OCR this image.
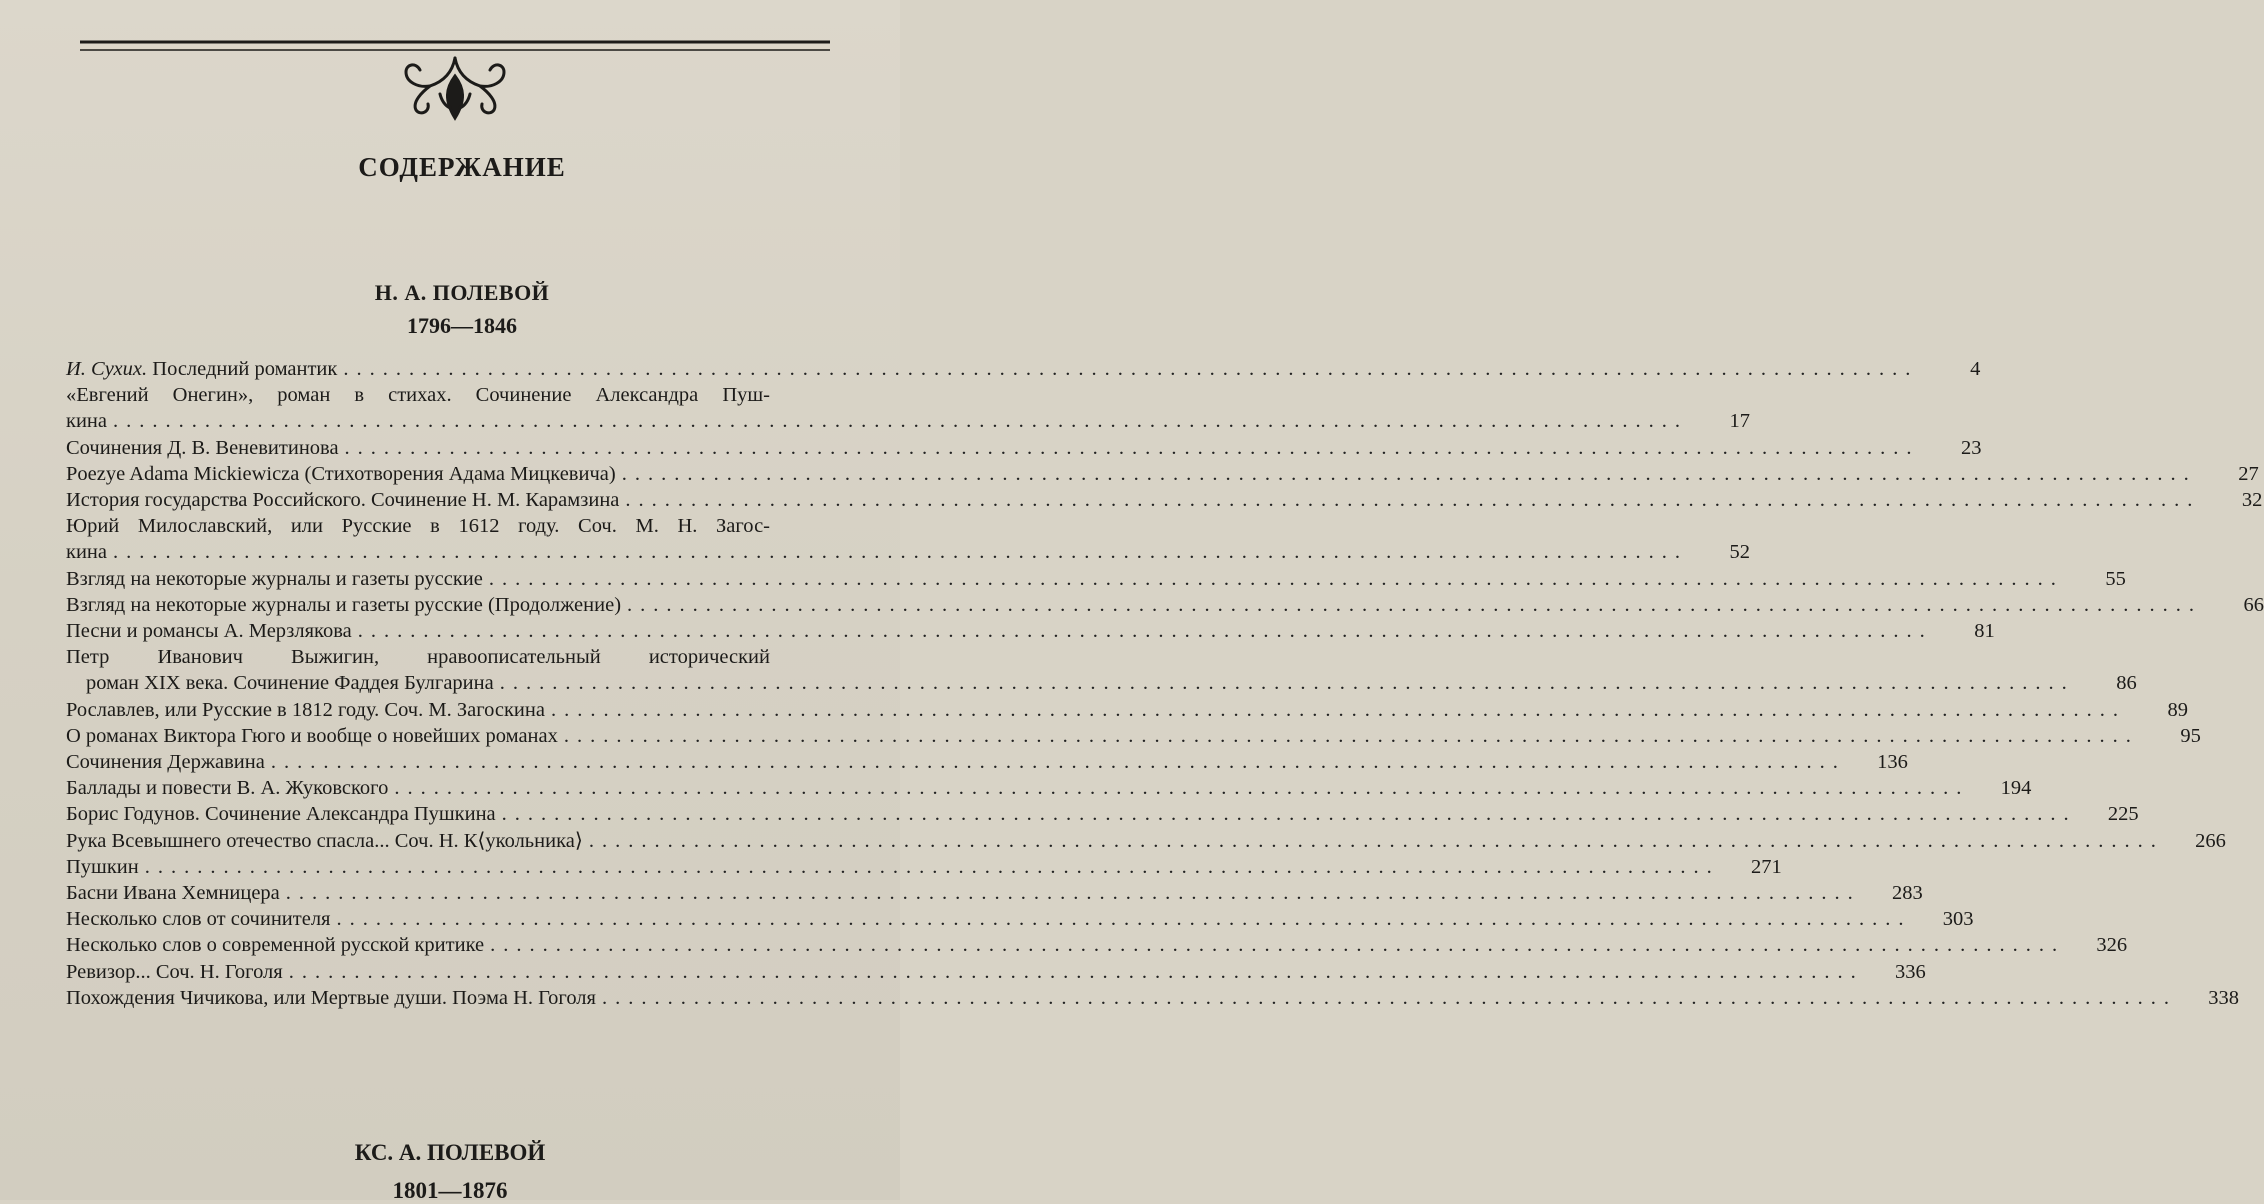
СОДЕРЖАНИЕ
Н. А. ПОЛЕВОЙ
1796—1846
И. Сухих. Последний романтик ........................................................................................................................	4
«Евгений Онегин», роман в стихах. Сочинение Александра Пуш-
кина ........................................................................................................................	17
Сочинения Д. В. Веневитинова ........................................................................................................................	23
Poezye Adama Mickiewicza (Стихотворения Адама Мицкевича) ........................................................................................................................	27
История государства Российского. Сочинение Н. М. Карамзина ........................................................................................................................	32
Юрий Милославский, или Русские в 1612 году. Соч. М. Н. Загос-
кина ........................................................................................................................	52
Взгляд на некоторые журналы и газеты русские ........................................................................................................................	55
Взгляд на некоторые журналы и газеты русские (Продолжение) ........................................................................................................................	66
Песни и романсы А. Мерзлякова ........................................................................................................................	81
Петр Иванович Выжигин, нравоописательный исторический
роман XIX века. Сочинение Фаддея Булгарина ........................................................................................................................	86
Рославлев, или Русские в 1812 году. Соч. М. Загоскина ........................................................................................................................	89
О романах Виктора Гюго и вообще о новейших романах ........................................................................................................................	95
Сочинения Державина ........................................................................................................................	136
Баллады и повести В. А. Жуковского ........................................................................................................................	194
Борис Годунов. Сочинение Александра Пушкина ........................................................................................................................	225
Рука Всевышнего отечество спасла... Соч. Н. К⟨укольника⟩ ........................................................................................................................	266
Пушкин ........................................................................................................................	271
Басни Ивана Хемницера ........................................................................................................................	283
Несколько слов от сочинителя ........................................................................................................................	303
Несколько слов о современной русской критике ........................................................................................................................	326
Ревизор... Соч. Н. Гоголя ........................................................................................................................	336
Похождения Чичикова, или Мертвые души. Поэма Н. Гоголя ........................................................................................................................	338
КС. А. ПОЛЕВОЙ
1801—1876
